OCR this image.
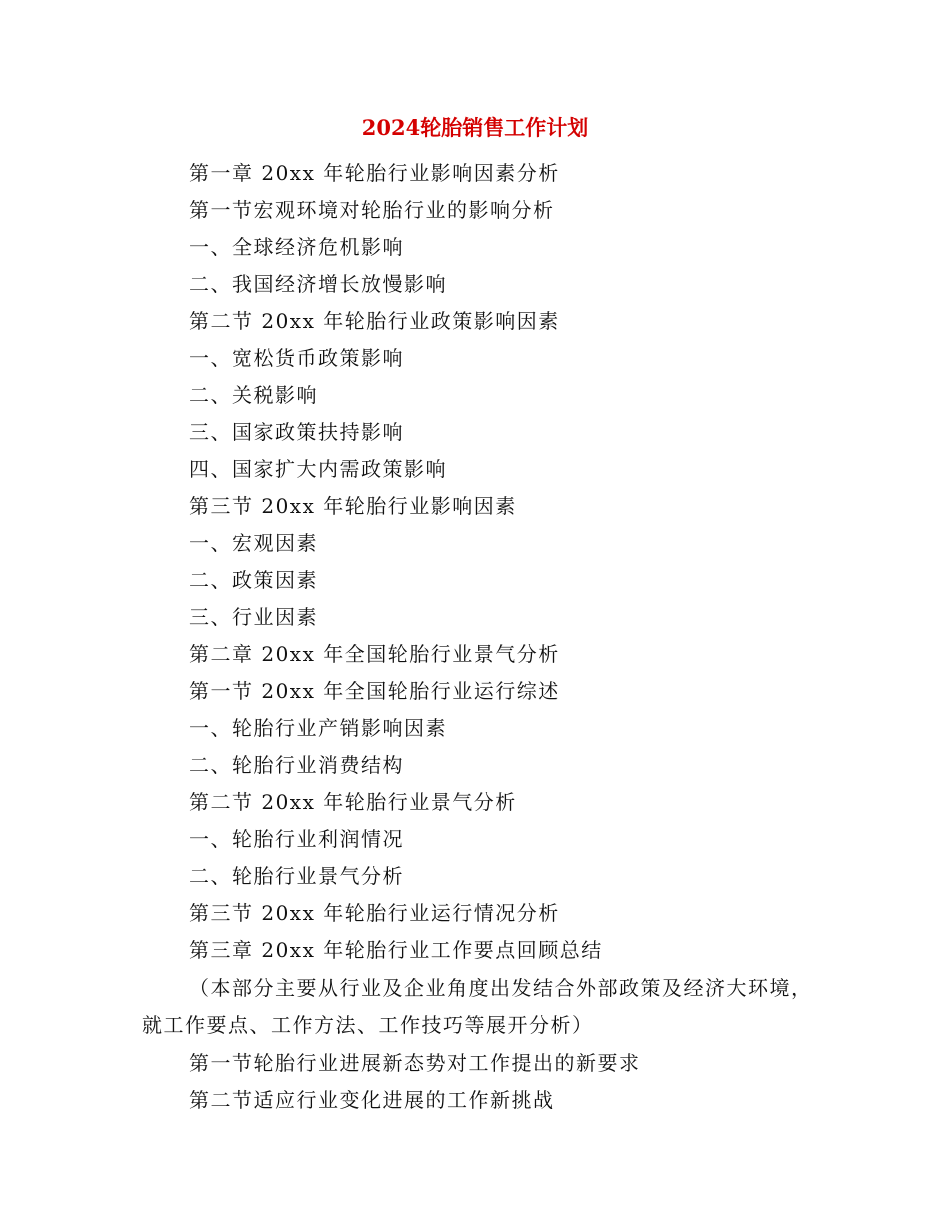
2024轮胎销售工作计划
第一章 20xx 年轮胎行业影响因素分析
第一节宏观环境对轮胎行业的影响分析
一、全球经济危机影响
二、我国经济增长放慢影响
第二节 20xx 年轮胎行业政策影响因素
一、宽松货币政策影响
二、关税影响
三、国家政策扶持影响
四、国家扩大内需政策影响
第三节 20xx 年轮胎行业影响因素
一、宏观因素
二、政策因素
三、行业因素
第二章 20xx 年全国轮胎行业景气分析
第一节 20xx 年全国轮胎行业运行综述
一、轮胎行业产销影响因素
二、轮胎行业消费结构
第二节 20xx 年轮胎行业景气分析
一、轮胎行业利润情况
二、轮胎行业景气分析
第三节 20xx 年轮胎行业运行情况分析
第三章 20xx 年轮胎行业工作要点回顾总结
（本部分主要从行业及企业角度出发结合外部政策及经济大环境，就工作要点、工作方法、工作技巧等展开分析）
第一节轮胎行业进展新态势对工作提出的新要求
第二节适应行业变化进展的工作新挑战
